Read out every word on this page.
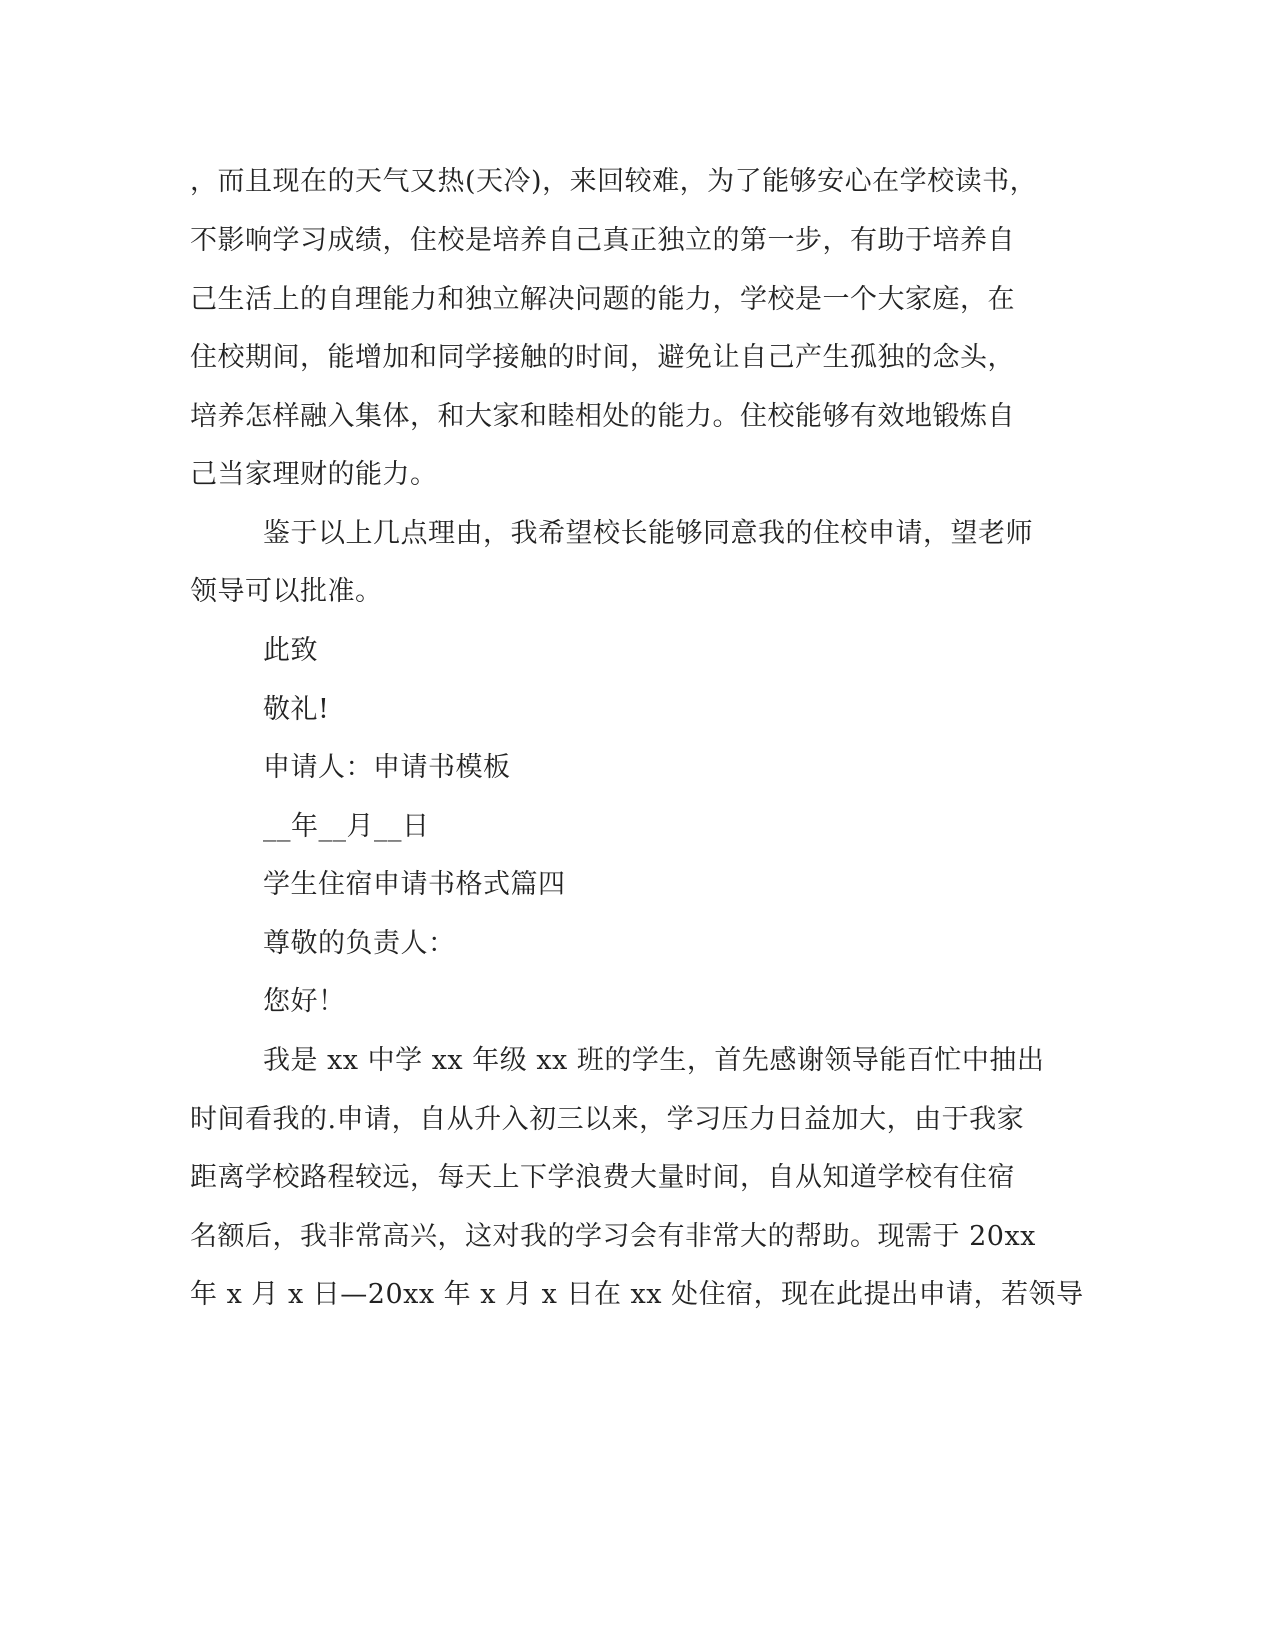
，而且现在的天气又热(天冷)，来回较难，为了能够安心在学校读书，
不影响学习成绩，住校是培养自己真正独立的第一步，有助于培养自
己生活上的自理能力和独立解决问题的能力，学校是一个大家庭，在
住校期间，能增加和同学接触的时间，避免让自己产生孤独的念头，
培养怎样融入集体，和大家和睦相处的能力。住校能够有效地锻炼自
己当家理财的能力。
鉴于以上几点理由，我希望校长能够同意我的住校申请，望老师
领导可以批准。
此致
敬礼!
申请人：申请书模板
__年__月__日
学生住宿申请书格式篇四
尊敬的负责人：
您好！
我是 xx 中学 xx 年级 xx 班的学生，首先感谢领导能百忙中抽出
时间看我的.申请，自从升入初三以来，学习压力日益加大，由于我家
距离学校路程较远，每天上下学浪费大量时间，自从知道学校有住宿
名额后，我非常高兴，这对我的学习会有非常大的帮助。现需于 20xx
年 x 月 x 日—20xx 年 x 月 x 日在 xx 处住宿，现在此提出申请，若领导
